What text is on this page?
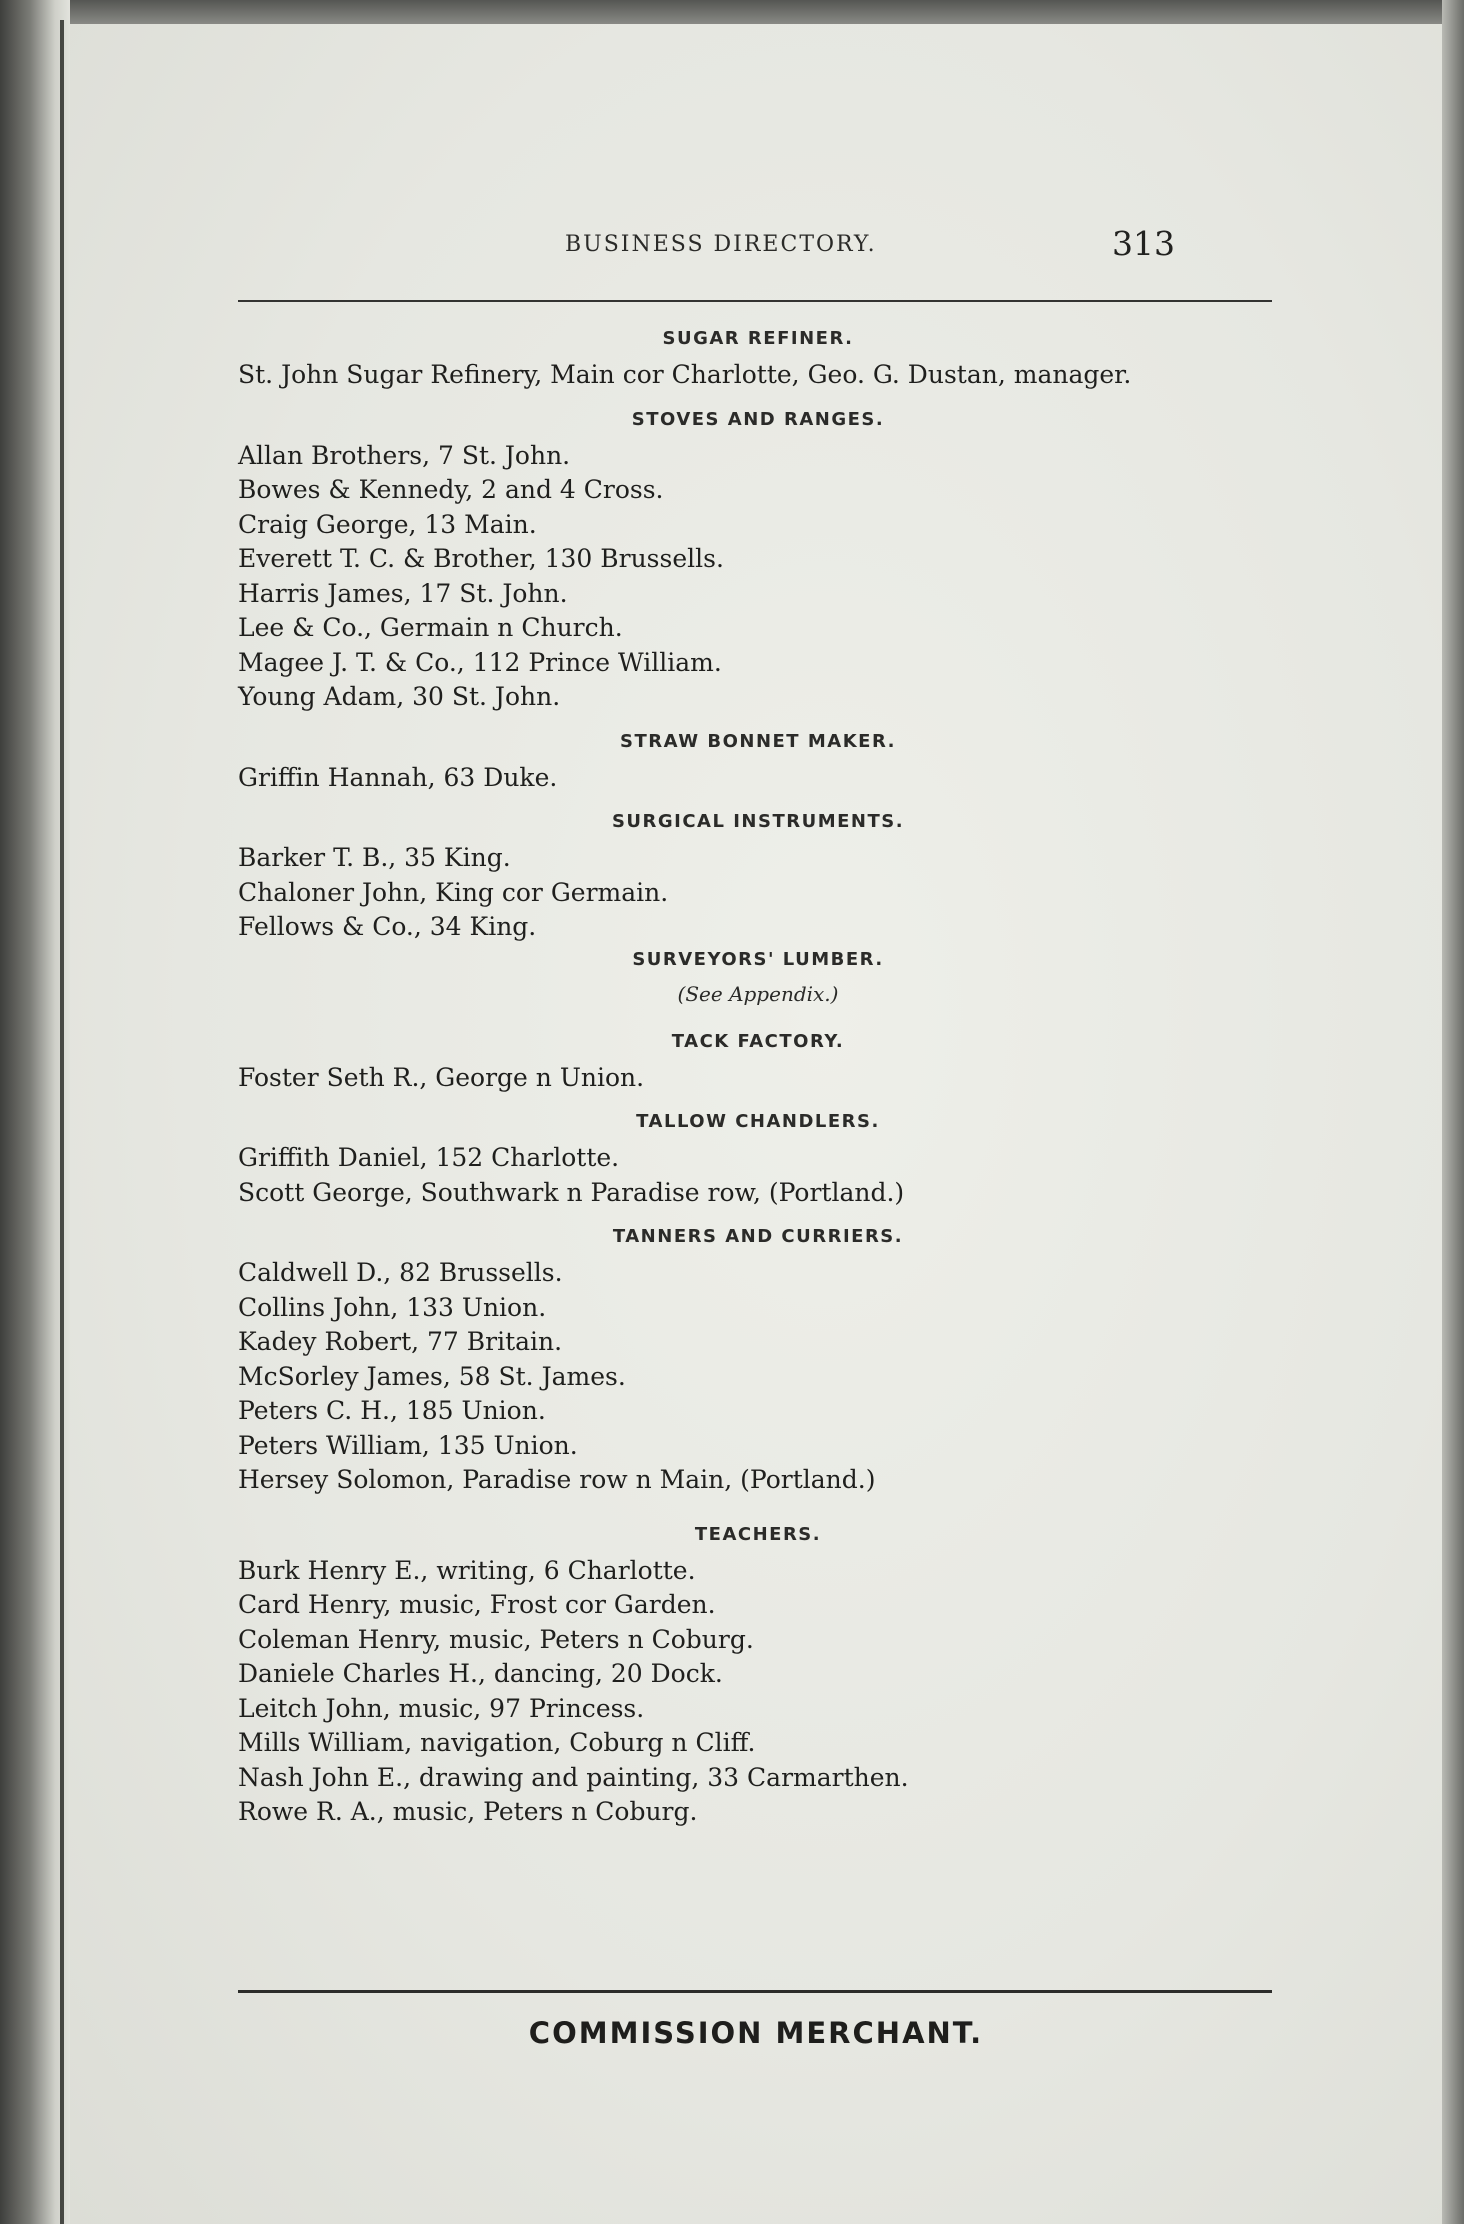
BUSINESS DIRECTORY.	313
SUGAR REFINER.
St. John Sugar Refinery, Main cor Charlotte, Geo. G. Dustan, manager.
STOVES AND RANGES.
Allan Brothers, 7 St. John.
Bowes & Kennedy, 2 and 4 Cross.
Craig George, 13 Main.
Everett T. C. & Brother, 130 Brussells.
Harris James, 17 St. John.
Lee & Co., Germain n Church.
Magee J. T. & Co., 112 Prince William.
Young Adam, 30 St. John.
STRAW BONNET MAKER.
Griffin Hannah, 63 Duke.
SURGICAL INSTRUMENTS.
Barker T. B., 35 King.
Chaloner John, King cor Germain.
Fellows & Co., 34 King.
SURVEYORS' LUMBER.
(See Appendix.)
TACK FACTORY.
Foster Seth R., George n Union.
TALLOW CHANDLERS.
Griffith Daniel, 152 Charlotte.
Scott George, Southwark n Paradise row, (Portland.)
TANNERS AND CURRIERS.
Caldwell D., 82 Brussells.
Collins John, 133 Union.
Kadey Robert, 77 Britain.
McSorley James, 58 St. James.
Peters C. H., 185 Union.
Peters William, 135 Union.
Hersey Solomon, Paradise row n Main, (Portland.)
TEACHERS.
Burk Henry E., writing, 6 Charlotte.
Card Henry, music, Frost cor Garden.
Coleman Henry, music, Peters n Coburg.
Daniele Charles H., dancing, 20 Dock.
Leitch John, music, 97 Princess.
Mills William, navigation, Coburg n Cliff.
Nash John E., drawing and painting, 33 Carmarthen.
Rowe R. A., music, Peters n Coburg.
COMMISSION MERCHANT.
